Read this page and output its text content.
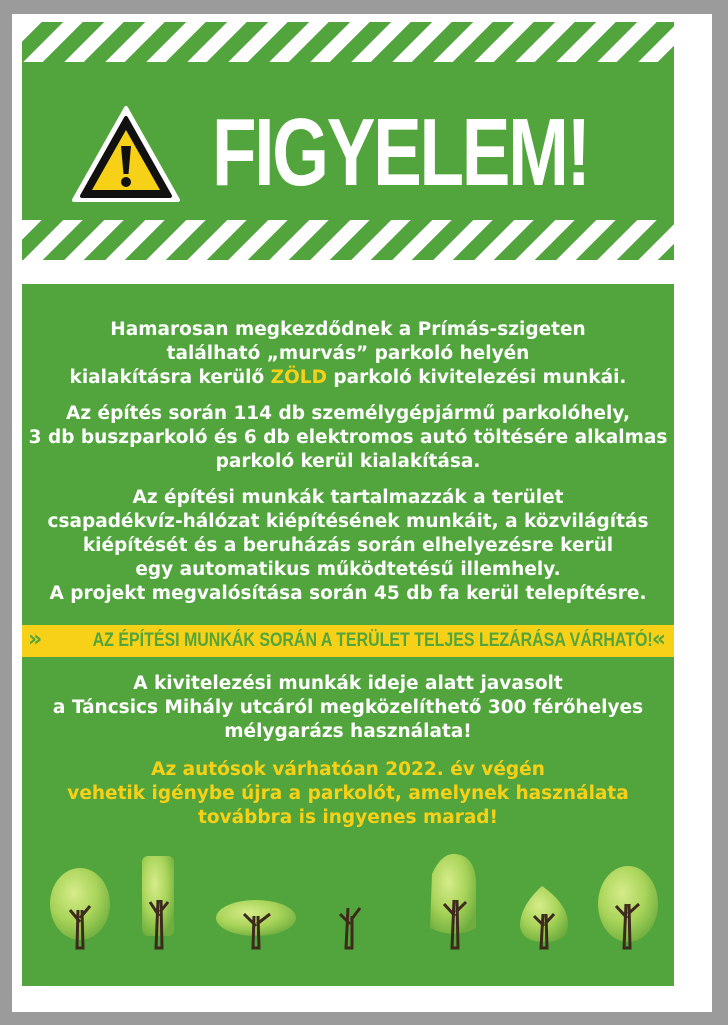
FIGYELEM!
Hamarosan megkezdődnek a Prímás-szigeten
található „murvás” parkoló helyén
kialakításra kerülő ZÖLD parkoló kivitelezési munkái.
Az építés során 114 db személygépjármű parkolóhely,
3 db buszparkoló és 6 db elektromos autó töltésére alkalmas
parkoló kerül kialakítása.
Az építési munkák tartalmazzák a terület
csapadékvíz-hálózat kiépítésének munkáit, a közvilágítás
kiépítését és a beruházás során elhelyezésre kerül
egy automatikus működtetésű illemhely.
A projekt megvalósítása során 45 db fa kerül telepítésre.
»	AZ ÉPÍTÉSI MUNKÁK SORÁN A TERÜLET TELJES LEZÁRÁSA VÁRHATÓ! «
A kivitelezési munkák ideje alatt javasolt
a Táncsics Mihály utcáról megközelíthető 300 férőhelyes
mélygarázs használata!
Az autósok várhatóan 2022. év végén
vehetik igénybe újra a parkolót, amelynek használata
továbbra is ingyenes marad!
